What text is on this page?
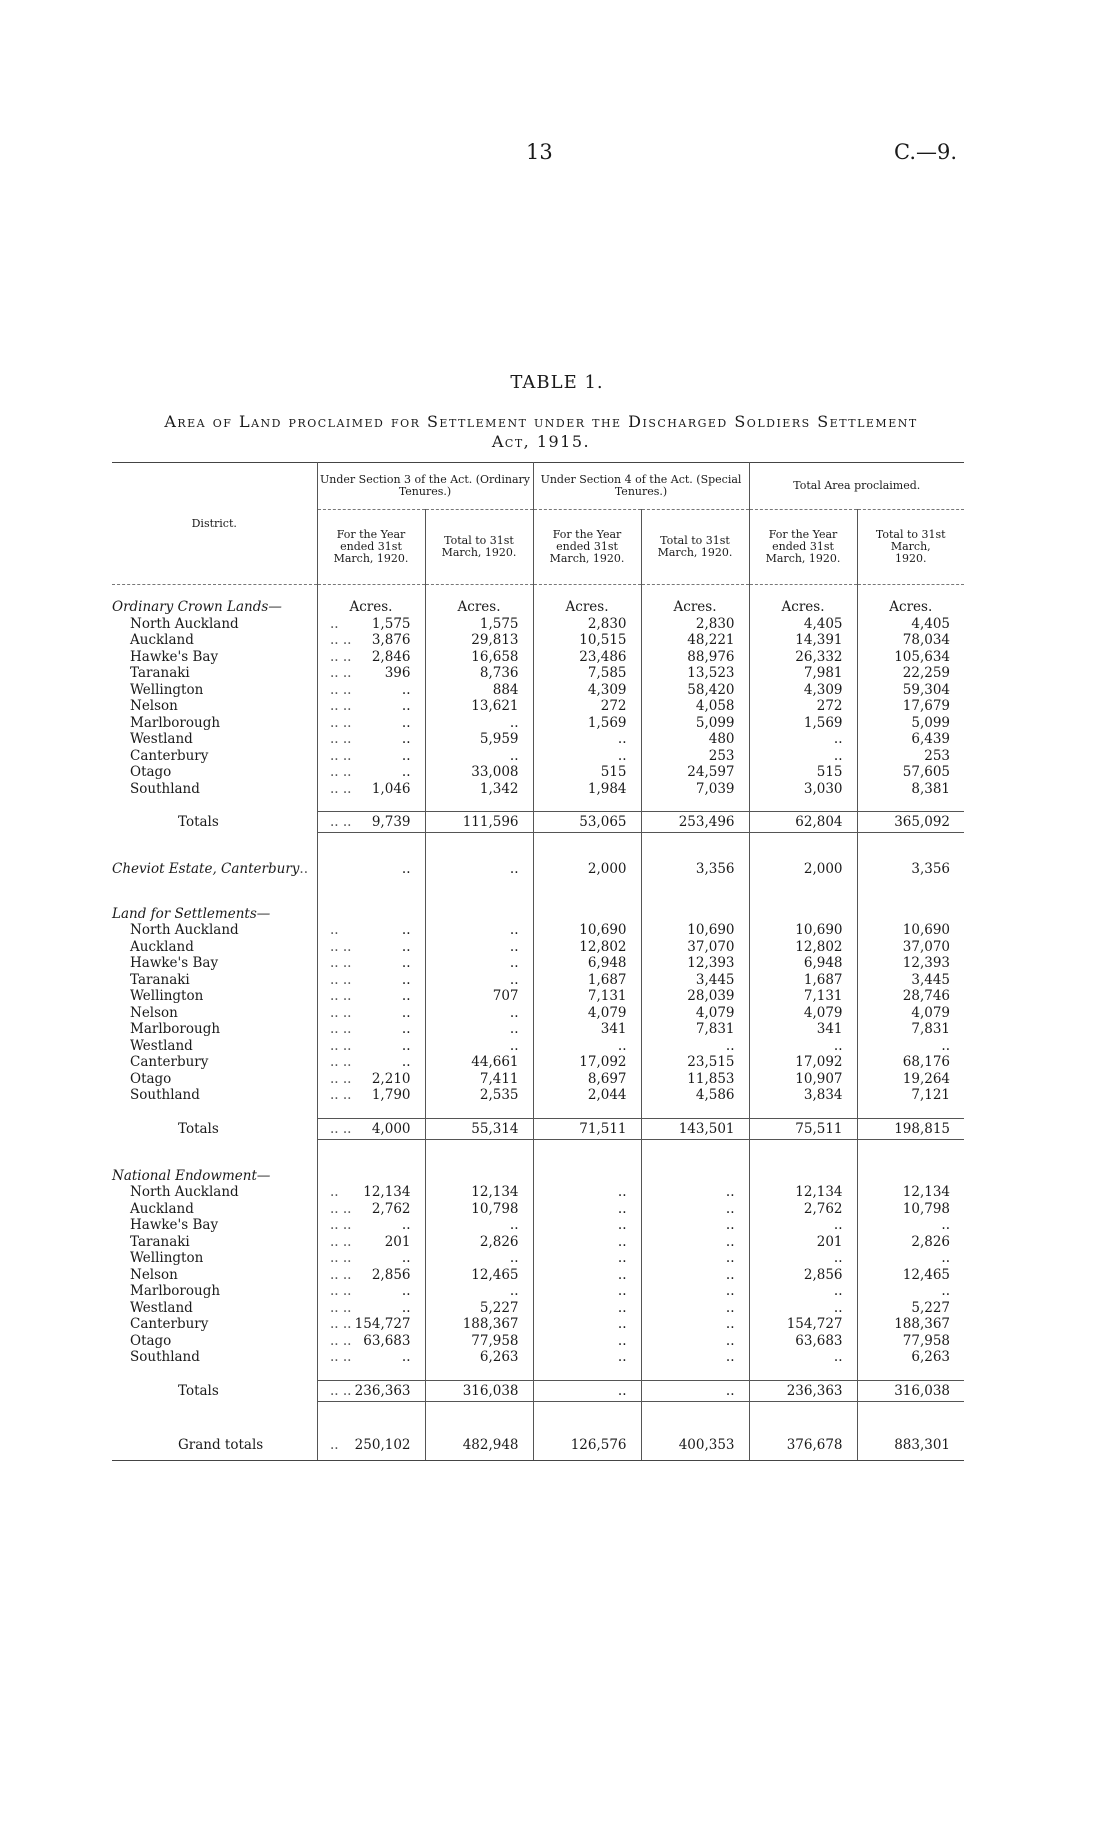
13	C.—9.
TABLE 1.
Area of Land proclaimed for Settlement under the Discharged Soldiers Settlement
Act, 1915.
District.	Under Section 3 of the Act. (Ordinary Tenures.)		Under Section 4 of the Act. (Special Tenures.)		Total Area proclaimed.	
	For the Year ended 31st March, 1920.	Total to 31st March, 1920.	For the Year ended 31st March, 1920.	Total to 31st March, 1920.	For the Year ended 31st March, 1920.	Total to 31st March, 1920.

Ordinary Crown Lands—	Acres.	Acres.	Acres.	Acres.	Acres.	Acres.
North Auckland ..	1,575	1,575	2,830	2,830	4,405	4,405
Auckland .. ..	3,876	29,813	10,515	48,221	14,391	78,034
Hawke's Bay .. ..	2,846	16,658	23,486	88,976	26,332	105,634
Taranaki .. ..	396	8,736	7,585	13,523	7,981	22,259
Wellington .. ..	..	884	4,309	58,420	4,309	59,304
Nelson .. ..	..	13,621	272	4,058	272	17,679
Marlborough .. ..	..	..	1,569	5,099	1,569	5,099
Westland .. ..	..	5,959	..	480	..	6,439
Canterbury .. ..	..	..	..	253	..	253
Otago .. ..	..	33,008	515	24,597	515	57,605
Southland .. ..	1,046	1,342	1,984	7,039	3,030	8,381

Totals .. ..	9,739	111,596	53,065	253,496	62,804	365,092

Cheviot Estate, Canterbury..	..	..	2,000	3,356	2,000	3,356

Land for Settlements—						
North Auckland ..	..	..	10,690	10,690	10,690	10,690
Auckland .. ..	..	..	12,802	37,070	12,802	37,070
Hawke's Bay .. ..	..	..	6,948	12,393	6,948	12,393
Taranaki .. ..	..	..	1,687	3,445	1,687	3,445
Wellington .. ..	..	707	7,131	28,039	7,131	28,746
Nelson .. ..	..	..	4,079	4,079	4,079	4,079
Marlborough .. ..	..	..	341	7,831	341	7,831
Westland .. ..	..	..	..	..	..	..
Canterbury .. ..	..	44,661	17,092	23,515	17,092	68,176
Otago .. ..	2,210	7,411	8,697	11,853	10,907	19,264
Southland .. ..	1,790	2,535	2,044	4,586	3,834	7,121

Totals .. ..	4,000	55,314	71,511	143,501	75,511	198,815

National Endowment—						
North Auckland ..	12,134	12,134	..	..	12,134	12,134
Auckland .. ..	2,762	10,798	..	..	2,762	10,798
Hawke's Bay .. ..	..	..	..	..	..	..
Taranaki .. ..	201	2,826	..	..	201	2,826
Wellington .. ..	..	..	..	..	..	..
Nelson .. ..	2,856	12,465	..	..	2,856	12,465
Marlborough .. ..	..	..	..	..	..	..
Westland .. ..	..	5,227	..	..	..	5,227
Canterbury .. ..	154,727	188,367	..	..	154,727	188,367
Otago .. ..	63,683	77,958	..	..	63,683	77,958
Southland .. ..	..	6,263	..	..	..	6,263

Totals .. ..	236,363	316,038	..	..	236,363	316,038

Grand totals ..	250,102	482,948	126,576	400,353	376,678	883,301
